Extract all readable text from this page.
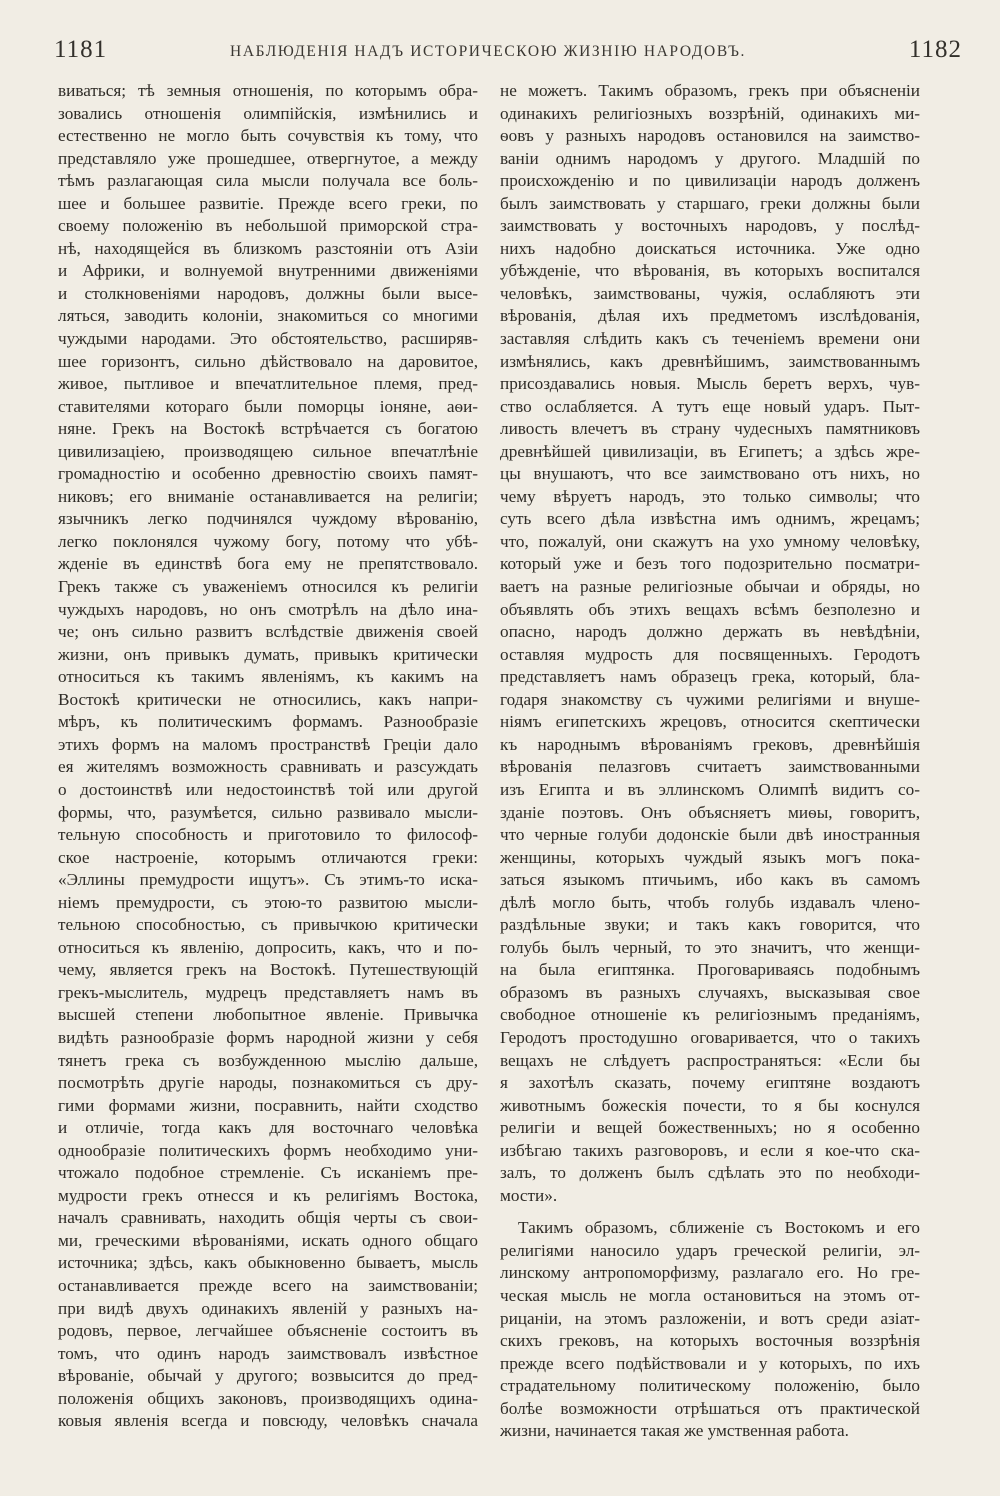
1181	НАБЛЮДЕНІЯ НАДЪ ИСТОРИЧЕСКОЮ ЖИЗНІЮ НАРОДОВЪ.	1182
виваться; тѣ земныя отношенія, по которымъ обра-
зовались отношенія олимпійскія, измѣнились и
естественно не могло быть сочувствія къ тому, что
представляло уже прошедшее, отвергнутое, а между
тѣмъ разлагающая сила мысли получала все боль-
шее и большее развитіе. Прежде всего греки, по
своему положенію въ небольшой приморской стра-
нѣ, находящейся въ близкомъ разстояніи отъ Азіи
и Африки, и волнуемой внутренними движеніями
и столкновеніями народовъ, должны были высе-
ляться, заводить колоніи, знакомиться со многими
чуждыми народами. Это обстоятельство, расширяв-
шее горизонтъ, сильно дѣйствовало на даровитое,
живое, пытливое и впечатлительное племя, пред-
ставителями котораго были поморцы іоняне, аѳи-
няне. Грекъ на Востокѣ встрѣчается съ богатою
цивилизаціею, производящею сильное впечатлѣніе
громадностію и особенно древностію своихъ памят-
никовъ; его вниманіе останавливается на религіи;
язычникъ легко подчинялся чуждому вѣрованію,
легко поклонялся чужому богу, потому что убѣ-
жденіе въ единствѣ бога ему не препятствовало.
Грекъ также съ уваженіемъ относился къ религіи
чуждыхъ народовъ, но онъ смотрѣлъ на дѣло ина-
че; онъ сильно развитъ вслѣдствіе движенія своей
жизни, онъ привыкъ думать, привыкъ критически
относиться къ такимъ явленіямъ, къ какимъ на
Востокѣ критически не относились, какъ напри-
мѣръ, къ политическимъ формамъ. Разнообразіе
этихъ формъ на маломъ пространствѣ Греціи дало
ея жителямъ возможность сравнивать и разсуждать
о достоинствѣ или недостоинствѣ той или другой
формы, что, разумѣется, сильно развивало мысли-
тельную способность и приготовило то философ-
ское настроеніе, которымъ отличаются греки:
«Эллины премудрости ищутъ». Съ этимъ-то иска-
ніемъ премудрости, съ этою-то развитою мысли-
тельною способностью, съ привычкою критически
относиться къ явленію, допросить, какъ, что и по-
чему, является грекъ на Востокѣ. Путешествующій
грекъ-мыслитель, мудрецъ представляетъ намъ въ
высшей степени любопытное явленіе. Привычка
видѣть разнообразіе формъ народной жизни у себя
тянетъ грека съ возбужденною мыслію дальше,
посмотрѣть другіе народы, познакомиться съ дру-
гими формами жизни, посравнить, найти сходство
и отличіе, тогда какъ для восточнаго человѣка
однообразіе политическихъ формъ необходимо уни-
чтожало подобное стремленіе. Съ исканіемъ пре-
мудрости грекъ отнесся и къ религіямъ Востока,
началъ сравнивать, находить общія черты съ свои-
ми, греческими вѣрованіями, искать одного общаго
источника; здѣсь, какъ обыкновенно бываетъ, мысль
останавливается прежде всего на заимствованіи;
при видѣ двухъ одинакихъ явленій у разныхъ на-
родовъ, первое, легчайшее объясненіе состоитъ въ
томъ, что одинъ народъ заимствовалъ извѣстное
вѣрованіе, обычай у другого; возвысится до пред-
положенія общихъ законовъ, производящихъ одина-
ковыя явленія всегда и повсюду, человѣкъ сначала
не можетъ. Такимъ образомъ, грекъ при объясненіи
одинакихъ религіозныхъ воззрѣній, одинакихъ ми-
ѳовъ у разныхъ народовъ остановился на заимство-
ваніи однимъ народомъ у другого. Младшій по
происхожденію и по цивилизаціи народъ долженъ
былъ заимствовать у старшаго, греки должны были
заимствовать у восточныхъ народовъ, у послѣд-
нихъ надобно доискаться источника. Уже одно
убѣжденіе, что вѣрованія, въ которыхъ воспитался
человѣкъ, заимствованы, чужія, ослабляютъ эти
вѣрованія, дѣлая ихъ предметомъ изслѣдованія,
заставляя слѣдить какъ съ теченіемъ времени они
измѣнялись, какъ древнѣйшимъ, заимствованнымъ
присоздавались новыя. Мысль беретъ верхъ, чув-
ство ослабляется. А тутъ еще новый ударъ. Пыт-
ливость влечетъ въ страну чудесныхъ памятниковъ
древнѣйшей цивилизаціи, въ Египетъ; а здѣсь жре-
цы внушаютъ, что все заимствовано отъ нихъ, но
чему вѣруетъ народъ, это только символы; что
суть всего дѣла извѣстна имъ однимъ, жрецамъ;
что, пожалуй, они скажутъ на ухо умному человѣку,
который уже и безъ того подозрительно посматри-
ваетъ на разные религіозные обычаи и обряды, но
объявлять объ этихъ вещахъ всѣмъ безполезно и
опасно, народъ должно держать въ невѣдѣніи,
оставляя мудрость для посвященныхъ. Геродотъ
представляетъ намъ образецъ грека, который, бла-
годаря знакомству съ чужими религіями и внуше-
ніямъ египетскихъ жрецовъ, относится скептически
къ народнымъ вѣрованіямъ грековъ, древнѣйшія
вѣрованія пелазговъ считаетъ заимствованными
изъ Египта и въ эллинскомъ Олимпѣ видитъ со-
зданіе поэтовъ. Онъ объясняетъ миѳы, говоритъ,
что черные голуби додонскіе были двѣ иностранныя
женщины, которыхъ чуждый языкъ могъ пока-
заться языкомъ птичьимъ, ибо какъ въ самомъ
дѣлѣ могло быть, чтобъ голубь издавалъ члено-
раздѣльные звуки; и такъ какъ говорится, что
голубь былъ черный, то это значитъ, что женщи-
на была египтянка. Проговариваясь подобнымъ
образомъ въ разныхъ случаяхъ, высказывая свое
свободное отношеніе къ религіознымъ преданіямъ,
Геродотъ простодушно оговаривается, что о такихъ
вещахъ не слѣдуетъ распространяться: «Если бы
я захотѣлъ сказать, почему египтяне воздаютъ
животнымъ божескія почести, то я бы коснулся
религіи и вещей божественныхъ; но я особенно
избѣгаю такихъ разговоровъ, и если я кое-что ска-
залъ, то долженъ былъ сдѣлать это по необходи-
мости».
Такимъ образомъ, сближеніе съ Востокомъ и его
религіями наносило ударъ греческой религіи, эл-
линскому антропоморфизму, разлагало его. Но гре-
ческая мысль не могла остановиться на этомъ от-
рицаніи, на этомъ разложеніи, и вотъ среди азіат-
скихъ грековъ, на которыхъ восточныя воззрѣнія
прежде всего подѣйствовали и у которыхъ, по ихъ
страдательному политическому положенію, было
болѣе возможности отрѣшаться отъ практической
жизни, начинается такая же умственная работа.
